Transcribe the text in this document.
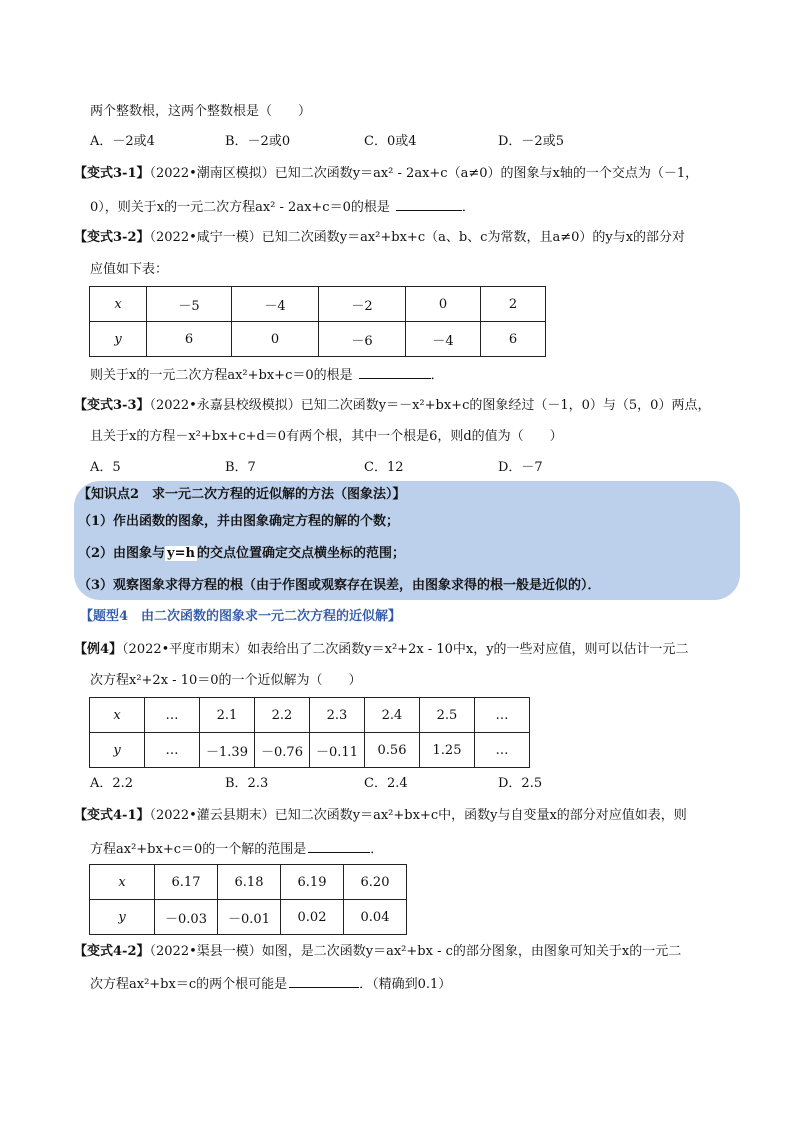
两个整数根，这两个整数根是（　　）
A．－2或4	B．－2或0	C．0或4	D．－2或5
【变式3-1】（2022•潮南区模拟）已知二次函数y＝ax² - 2ax+c（a≠0）的图象与x轴的一个交点为（－1，
0），则关于x的一元二次方程ax² - 2ax+c＝0的根是	．
【变式3-2】（2022•咸宁一模）已知二次函数y＝ax²+bx+c（a、b、c为常数，且a≠0）的y与x的部分对
应值如下表：
x	－5	－4	－2	0	2
y	6	0	－6	－4	6
则关于x的一元二次方程ax²+bx+c＝0的根是	．
【变式3-3】（2022•永嘉县校级模拟）已知二次函数y＝－x²+bx+c的图象经过（－1，0）与（5，0）两点，
且关于x的方程－x²+bx+c+d＝0有两个根，其中一个根是6，则d的值为（　　）
A．5	B．7	C．12	D．－7
【知识点2　求一元二次方程的近似解的方法（图象法）】
（1）作出函数的图象，并由图象确定方程的解的个数；
（2）由图象与 y=h 的交点位置确定交点横坐标的范围；
（3）观察图象求得方程的根（由于作图或观察存在误差，由图象求得的根一般是近似的）．
【题型4　由二次函数的图象求一元二次方程的近似解】
【例4】（2022•平度市期末）如表给出了二次函数y＝x²+2x - 10中x，y的一些对应值，则可以估计一元二
次方程x²+2x - 10＝0的一个近似解为（　　）
x	…	2.1	2.2	2.3	2.4	2.5	…
y	…	－1.39	－0.76	－0.11	0.56	1.25	…
A．2.2	B．2.3	C．2.4	D．2.5
【变式4-1】（2022•灌云县期末）已知二次函数y＝ax²+bx+c中，函数y与自变量x的部分对应值如表，则
方程ax²+bx+c＝0的一个解的范围是	．
x	6.17	6.18	6.19	6.20
y	－0.03	－0.01	0.02	0.04
【变式4-2】（2022•渠县一模）如图，是二次函数y＝ax²+bx - c的部分图象，由图象可知关于x的一元二
次方程ax²+bx＝c的两个根可能是	．（精确到0.1）
